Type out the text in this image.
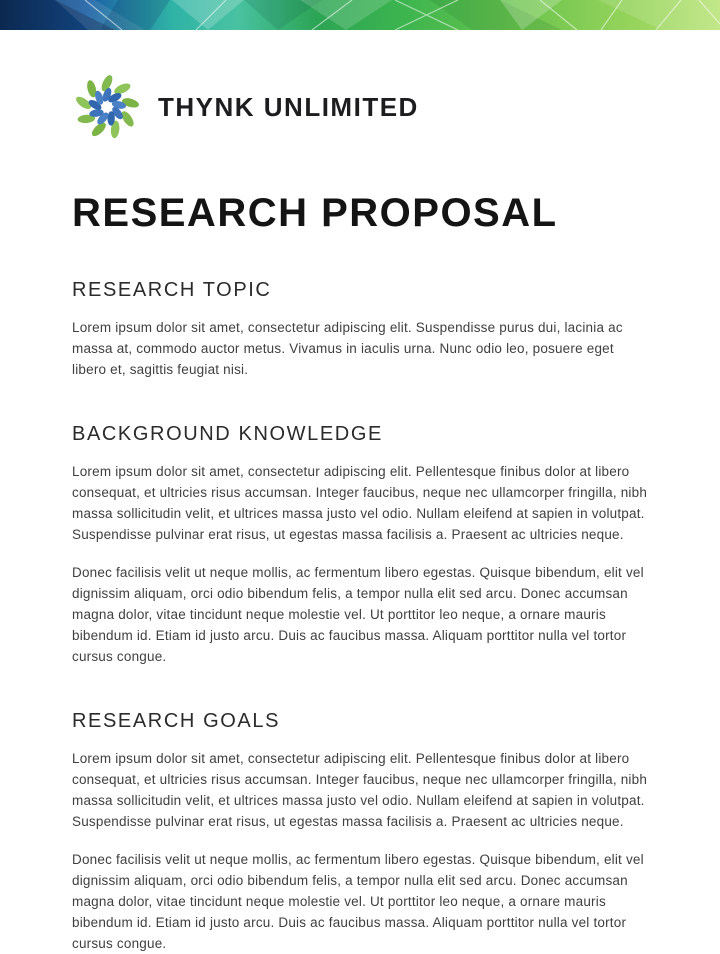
THYNK UNLIMITED
RESEARCH PROPOSAL
RESEARCH TOPIC

Lorem ipsum dolor sit amet, consectetur adipiscing elit. Suspendisse purus dui, lacinia ac massa at, commodo auctor metus. Vivamus in iaculis urna. Nunc odio leo, posuere eget libero et, sagittis feugiat nisi.

BACKGROUND KNOWLEDGE

Lorem ipsum dolor sit amet, consectetur adipiscing elit. Pellentesque finibus dolor at libero consequat, et ultricies risus accumsan. Integer faucibus, neque nec ullamcorper fringilla, nibh massa sollicitudin velit, et ultrices massa justo vel odio. Nullam eleifend at sapien in volutpat. Suspendisse pulvinar erat risus, ut egestas massa facilisis a. Praesent ac ultricies neque.

Donec facilisis velit ut neque mollis, ac fermentum libero egestas. Quisque bibendum, elit vel dignissim aliquam, orci odio bibendum felis, a tempor nulla elit sed arcu. Donec accumsan magna dolor, vitae tincidunt neque molestie vel. Ut porttitor leo neque, a ornare mauris bibendum id. Etiam id justo arcu. Duis ac faucibus massa. Aliquam porttitor nulla vel tortor cursus congue.

RESEARCH GOALS

Lorem ipsum dolor sit amet, consectetur adipiscing elit. Pellentesque finibus dolor at libero consequat, et ultricies risus accumsan. Integer faucibus, neque nec ullamcorper fringilla, nibh massa sollicitudin velit, et ultrices massa justo vel odio. Nullam eleifend at sapien in volutpat. Suspendisse pulvinar erat risus, ut egestas massa facilisis a. Praesent ac ultricies neque.

Donec facilisis velit ut neque mollis, ac fermentum libero egestas. Quisque bibendum, elit vel dignissim aliquam, orci odio bibendum felis, a tempor nulla elit sed arcu. Donec accumsan magna dolor, vitae tincidunt neque molestie vel. Ut porttitor leo neque, a ornare mauris bibendum id. Etiam id justo arcu. Duis ac faucibus massa. Aliquam porttitor nulla vel tortor cursus congue.
